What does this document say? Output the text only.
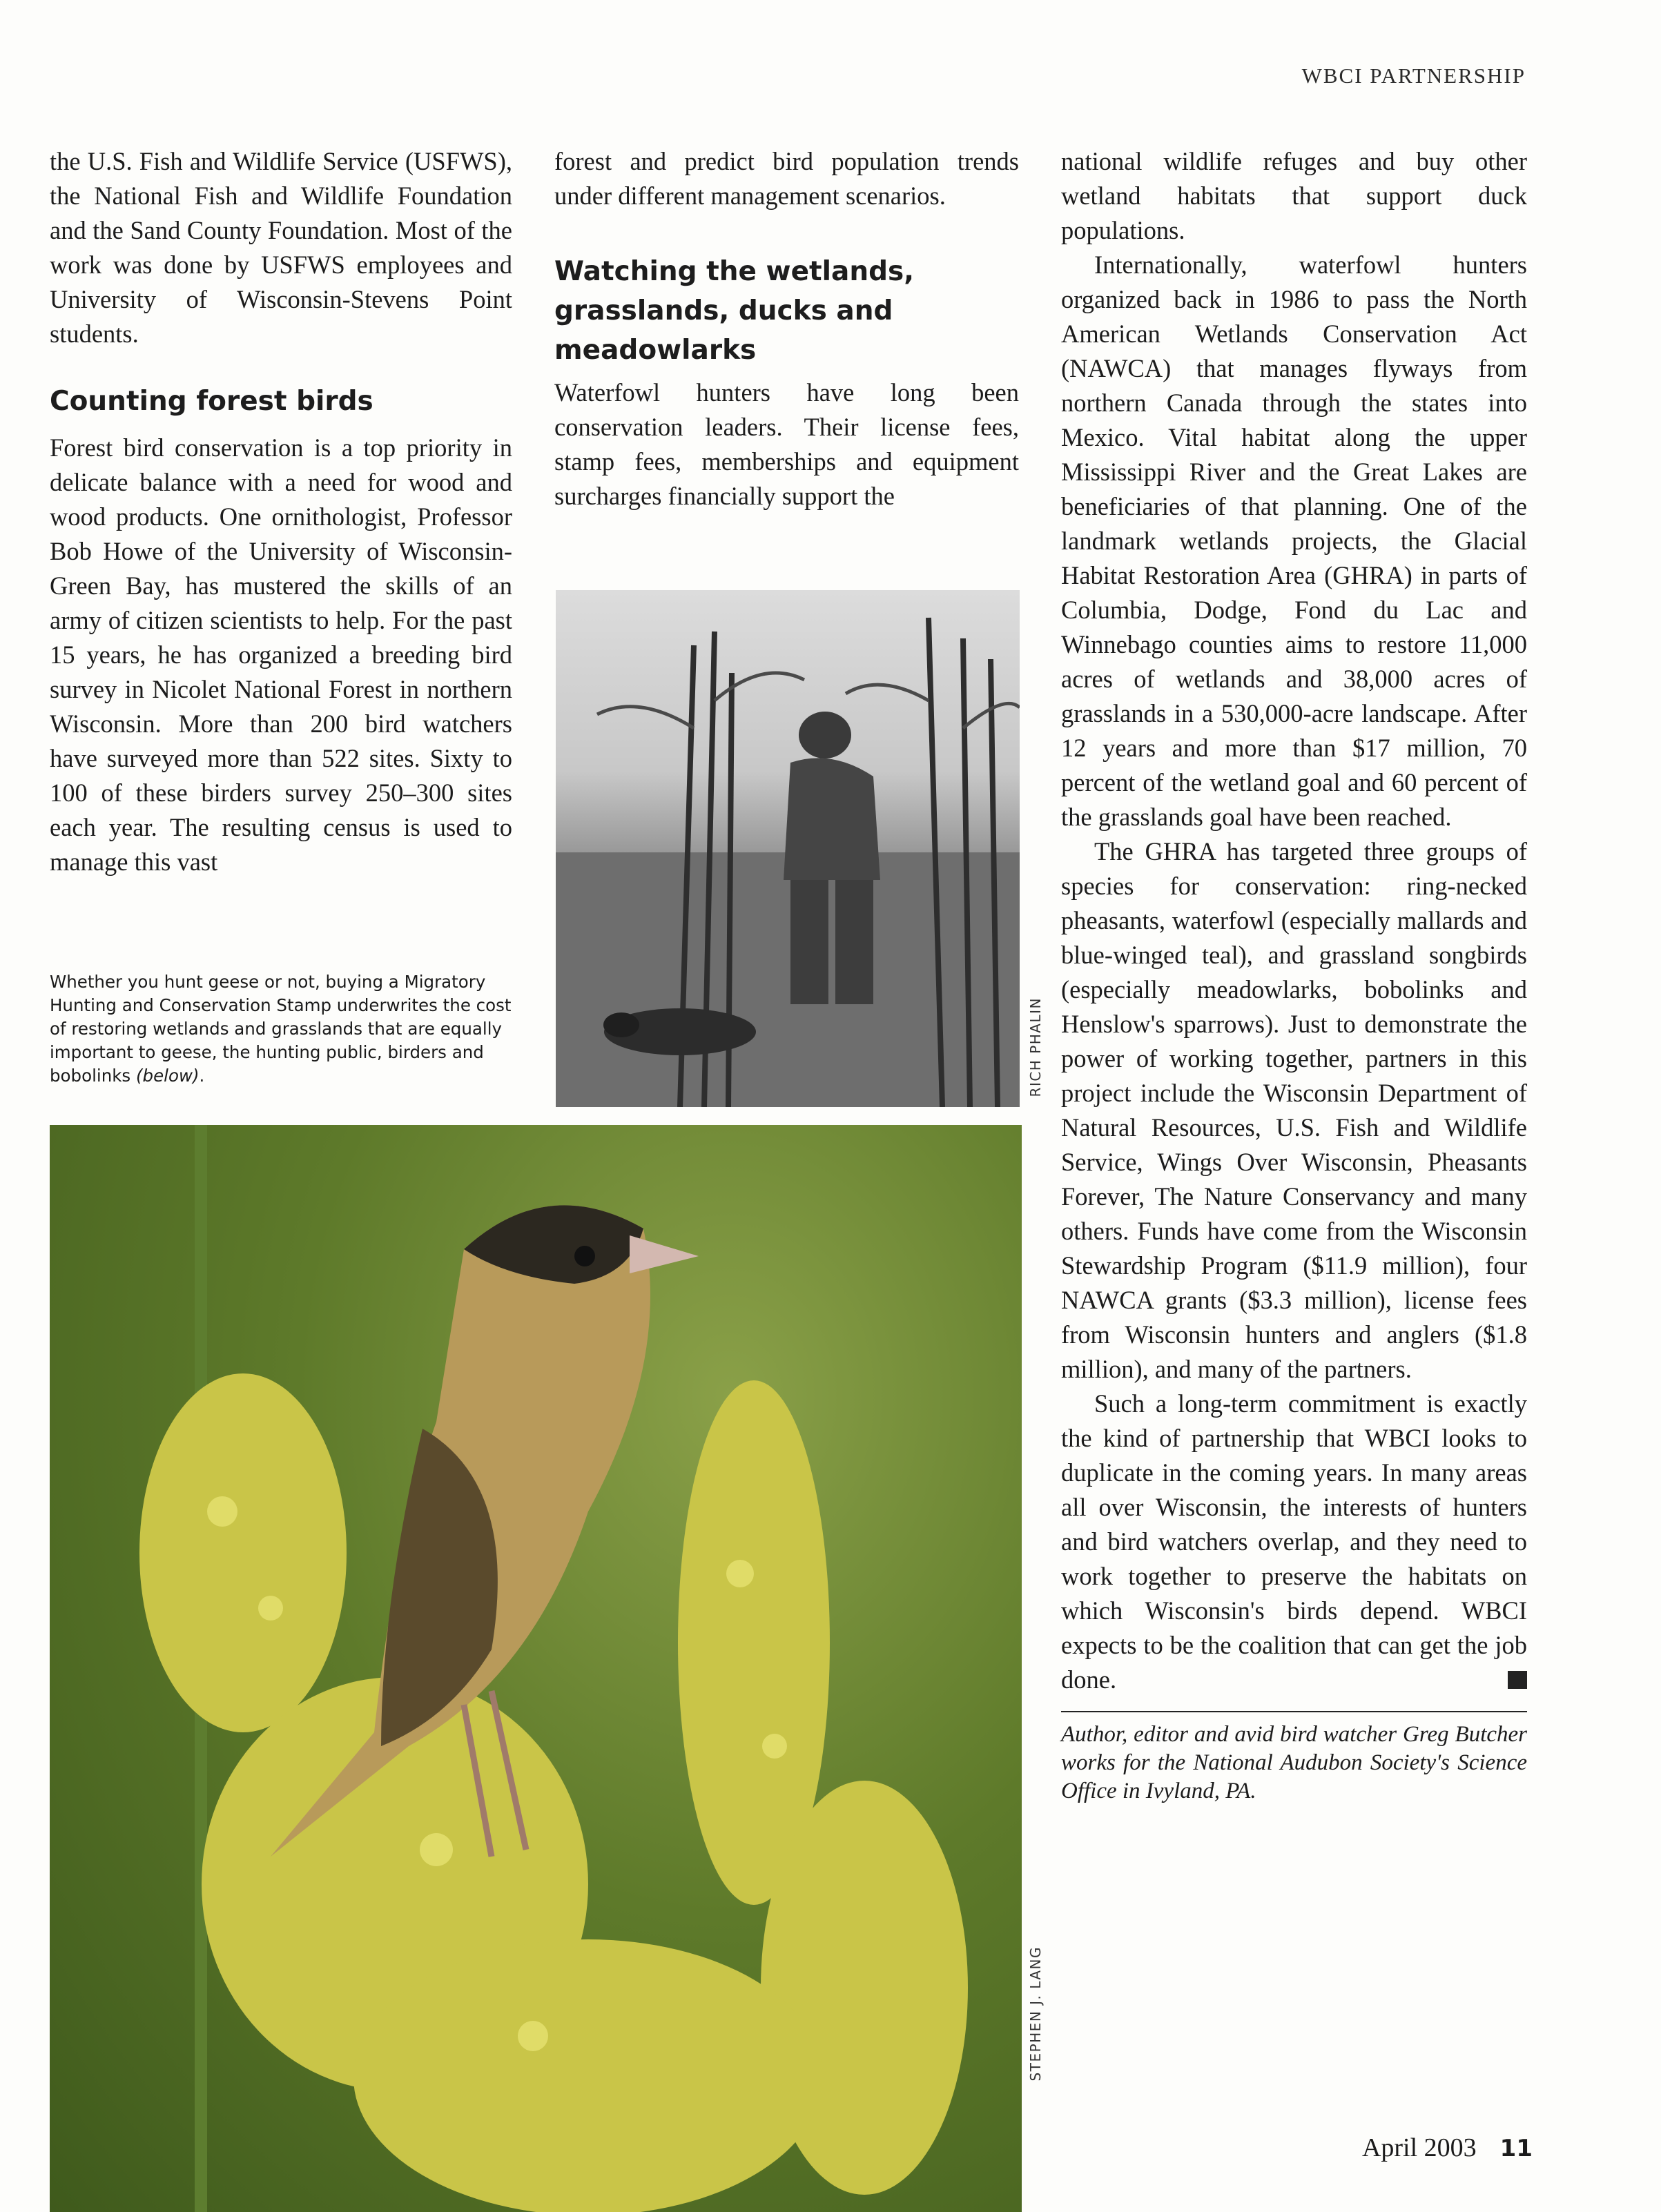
WBCI PARTNERSHIP

the U.S. Fish and Wildlife Service (USFWS), the National Fish and Wildlife Foundation and the Sand County Foundation. Most of the work was done by USFWS employees and University of Wisconsin-Stevens Point students.

Counting forest birds

Forest bird conservation is a top priority in delicate balance with a need for wood and wood products. One ornithologist, Professor Bob Howe of the University of Wisconsin-Green Bay, has mustered the skills of an army of citizen scientists to help. For the past 15 years, he has organized a breeding bird survey in Nicolet National Forest in northern Wisconsin. More than 200 bird watchers have surveyed more than 522 sites. Sixty to 100 of these birders survey 250–300 sites each year. The resulting census is used to manage this vast

forest and predict bird population trends under different management scenarios.

Watching the wetlands, grasslands, ducks and meadowlarks

Waterfowl hunters have long been conservation leaders. Their license fees, stamp fees, memberships and equipment surcharges financially support the

national wildlife refuges and buy other wetland habitats that support duck populations.

Internationally, waterfowl hunters organized back in 1986 to pass the North American Wetlands Conservation Act (NAWCA) that manages flyways from northern Canada through the states into Mexico. Vital habitat along the upper Mississippi River and the Great Lakes are beneficiaries of that planning. One of the landmark wetlands projects, the Glacial Habitat Restoration Area (GHRA) in parts of Columbia, Dodge, Fond du Lac and Winnebago counties aims to restore 11,000 acres of wetlands and 38,000 acres of grasslands in a 530,000-acre landscape. After 12 years and more than $17 million, 70 percent of the wetland goal and 60 percent of the grasslands goal have been reached.

The GHRA has targeted three groups of species for conservation: ring-necked pheasants, waterfowl (especially mallards and blue-winged teal), and grassland songbirds (especially meadowlarks, bobolinks and Henslow's sparrows). Just to demonstrate the power of working together, partners in this project include the Wisconsin Department of Natural Resources, U.S. Fish and Wildlife Service, Wings Over Wisconsin, Pheasants Forever, The Nature Conservancy and many others. Funds have come from the Wisconsin Stewardship Program ($11.9 million), four NAWCA grants ($3.3 million), license fees from Wisconsin hunters and anglers ($1.8 million), and many of the partners.

Such a long-term commitment is exactly the kind of partnership that WBCI looks to duplicate in the coming years. In many areas all over Wisconsin, the interests of hunters and bird watchers overlap, and they need to work together to preserve the habitats on which Wisconsin's birds depend. WBCI expects to be the coalition that can get the job done.
W

Author, editor and avid bird watcher Greg Butcher works for the National Audubon Society's Science Office in Ivyland, PA.

Whether you hunt geese or not, buying a Migratory Hunting and Conservation Stamp underwrites the cost of restoring wetlands and grasslands that are equally important to geese, the hunting public, birders and bobolinks (below).	RICH PHALIN
STEPHEN J. LANG
April 2003 11
